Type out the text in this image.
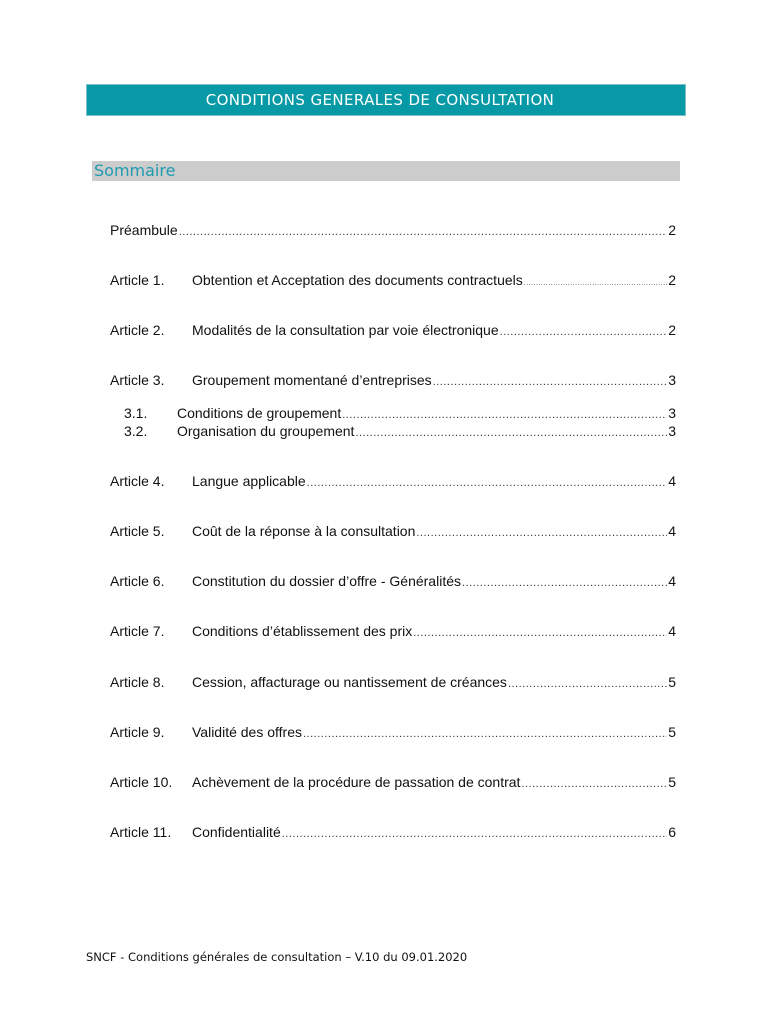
CONDITIONS GENERALES DE CONSULTATION
Sommaire
Préambule .....	2
Article 1.	Obtention et Acceptation des documents contractuels .....	2
Article 2.	Modalités de la consultation par voie électronique .....	2
Article 3.	Groupement momentané d’entreprises .....	3
3.1.	Conditions de groupement .....	3
3.2.	Organisation du groupement .....	3
Article 4.	Langue applicable .....	4
Article 5.	Coût de la réponse à la consultation .....	4
Article 6.	Constitution du dossier d’offre - Généralités .....	4
Article 7.	Conditions d’établissement des prix .....	4
Article 8.	Cession, affacturage ou nantissement de créances .....	5
Article 9.	Validité des offres .....	5
Article 10.	Achèvement de la procédure de passation de contrat .....	5
Article 11.	Confidentialité .....	6
SNCF - Conditions générales de consultation – V.10 du 09.01.2020
